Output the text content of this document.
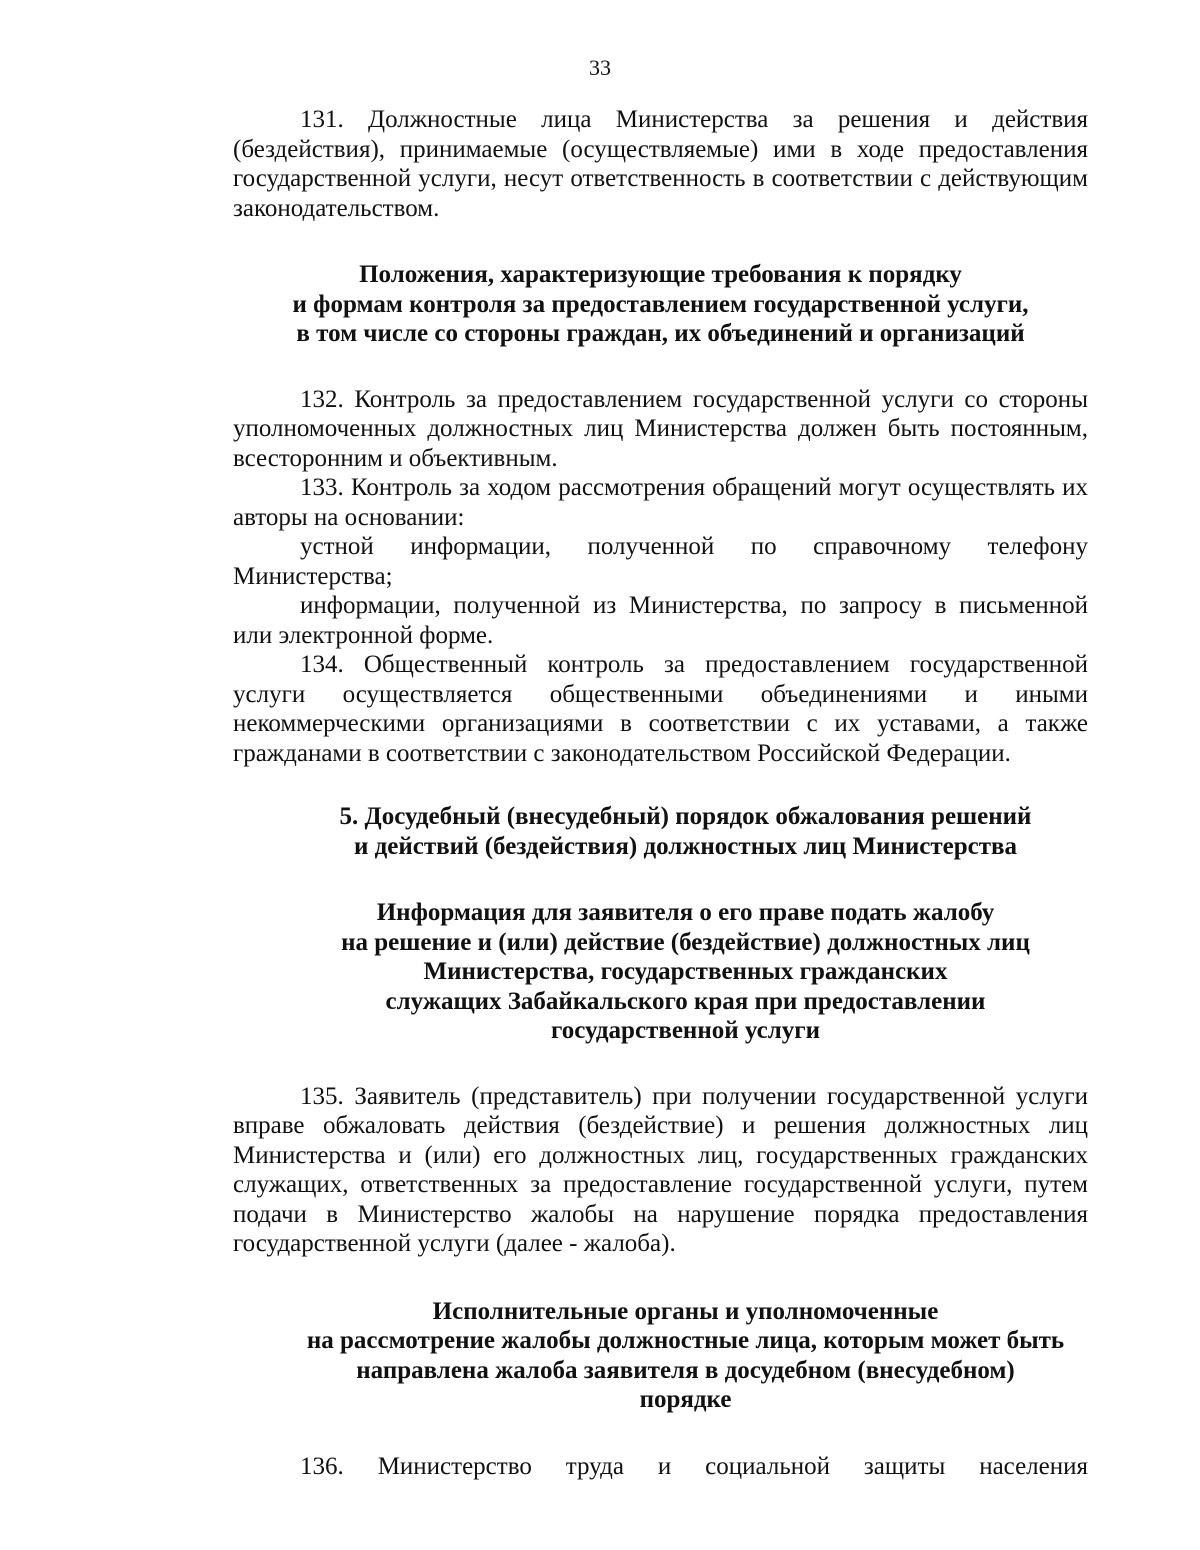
33

131. Должностные лица Министерства за решения и действия (бездействия), принимаемые (осуществляемые) ими в ходе предоставления государственной услуги, несут ответственность в соответствии с действующим законодательством.

Положения, характеризующие требования к порядку
и формам контроля за предоставлением государственной услуги,
в том числе со стороны граждан, их объединений и организаций

132. Контроль за предоставлением государственной услуги со стороны уполномоченных должностных лиц Министерства должен быть постоянным, всесторонним и объективным.

133. Контроль за ходом рассмотрения обращений могут осуществлять их авторы на основании:

устной информации, полученной по справочному телефону Министерства;

информации, полученной из Министерства, по запросу в письменной или электронной форме.

134. Общественный контроль за предоставлением государственной услуги осуществляется общественными объединениями и иными некоммерческими организациями в соответствии с их уставами, а также гражданами в соответствии с законодательством Российской Федерации.

5. Досудебный (внесудебный) порядок обжалования решений
и действий (бездействия) должностных лиц Министерства
Информация для заявителя о его праве подать жалобу
на решение и (или) действие (бездействие) должностных лиц
Министерства, государственных гражданских
служащих Забайкальского края при предоставлении
государственной услуги

135. Заявитель (представитель) при получении государственной услуги вправе обжаловать действия (бездействие) и решения должностных лиц Министерства и (или) его должностных лиц, государственных гражданских служащих, ответственных за предоставление государственной услуги, путем подачи в Министерство жалобы на нарушение порядка предоставления государственной услуги (далее - жалоба).

Исполнительные органы и уполномоченные
на рассмотрение жалобы должностные лица, которым может быть
направлена жалоба заявителя в досудебном (внесудебном)
порядке

136. Министерство труда и социальной защиты населения
